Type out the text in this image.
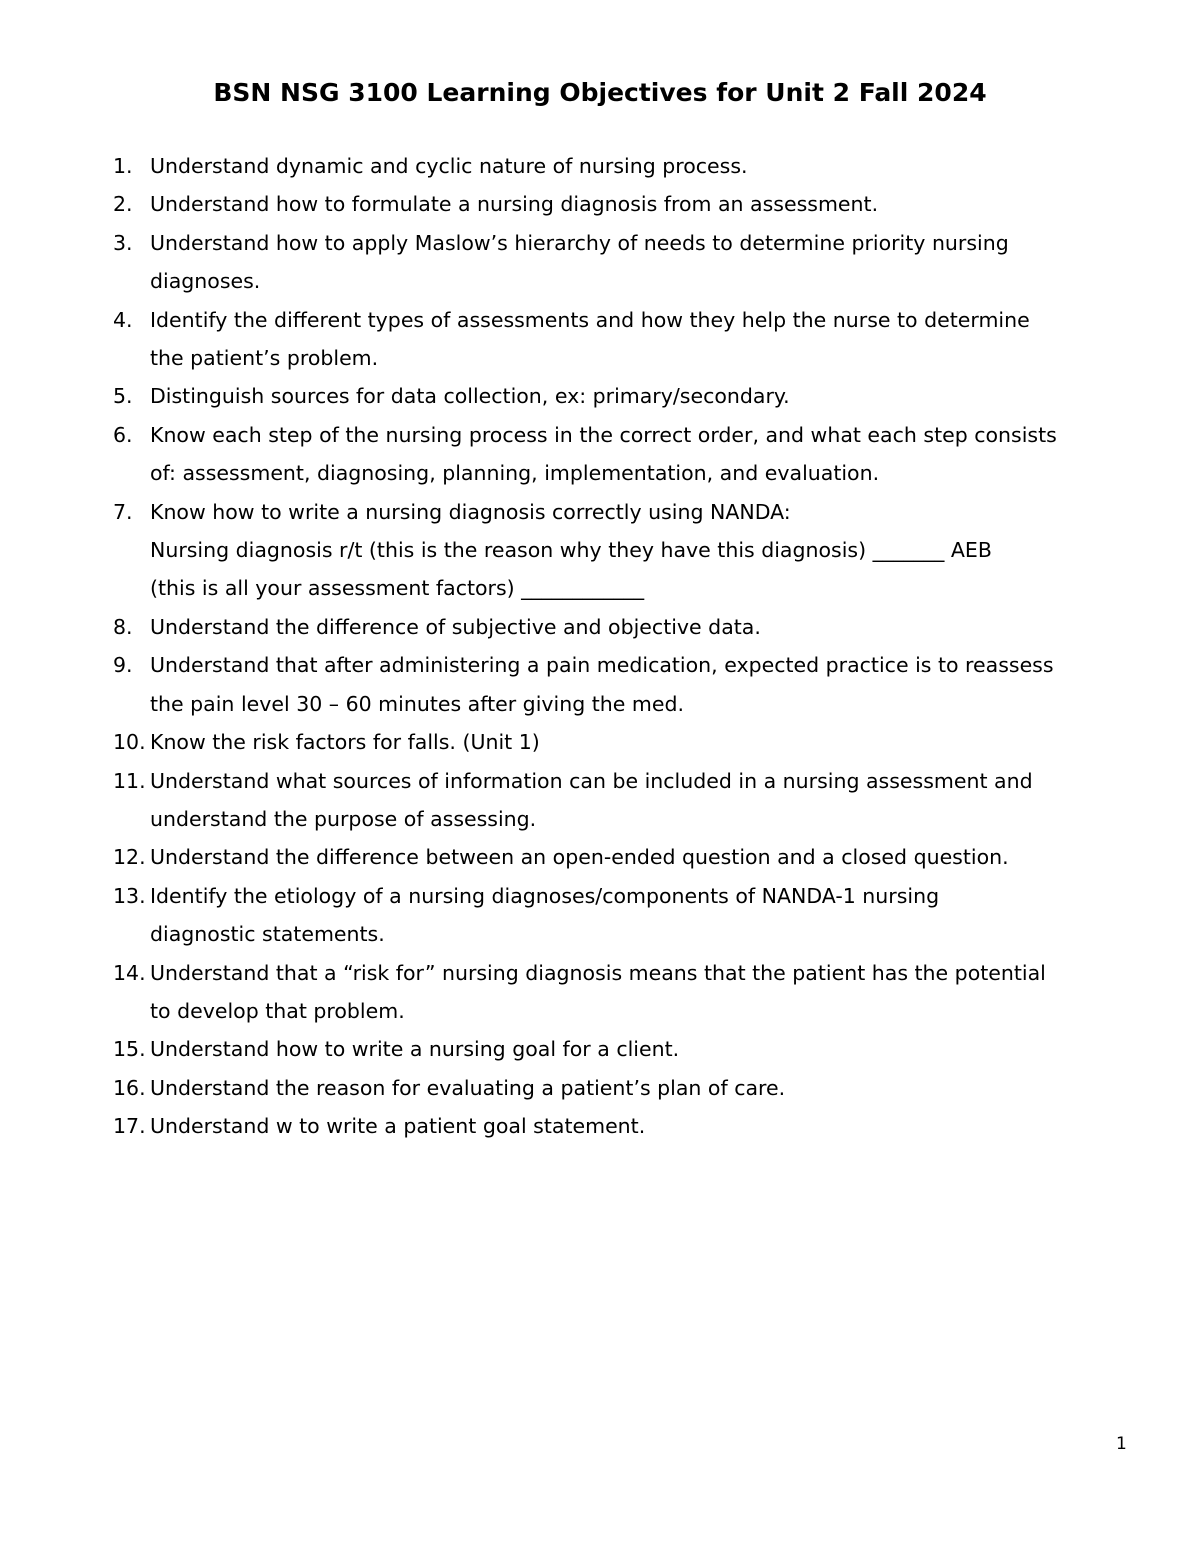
BSN NSG 3100 Learning Objectives for Unit 2 Fall 2024
1. Understand dynamic and cyclic nature of nursing process.
2. Understand how to formulate a nursing diagnosis from an assessment.
3. Understand how to apply Maslow’s hierarchy of needs to determine priority nursing
diagnoses.
4. Identify the different types of assessments and how they help the nurse to determine
the patient’s problem.
5. Distinguish sources for data collection, ex: primary/secondary.
6. Know each step of the nursing process in the correct order, and what each step consists
of: assessment, diagnosing, planning, implementation, and evaluation.
7. Know how to write a nursing diagnosis correctly using NANDA:
Nursing diagnosis r/t (this is the reason why they have this diagnosis) _______ AEB
(this is all your assessment factors) ____________
8. Understand the difference of subjective and objective data.
9. Understand that after administering a pain medication, expected practice is to reassess
the pain level 30 – 60 minutes after giving the med.
10. Know the risk factors for falls. (Unit 1)
11. Understand what sources of information can be included in a nursing assessment and
understand the purpose of assessing.
12. Understand the difference between an open-ended question and a closed question.
13. Identify the etiology of a nursing diagnoses/components of NANDA-1 nursing
diagnostic statements.
14. Understand that a “risk for” nursing diagnosis means that the patient has the potential
to develop that problem.
15. Understand how to write a nursing goal for a client.
16. Understand the reason for evaluating a patient’s plan of care.
17. Understand w to write a patient goal statement.
1
